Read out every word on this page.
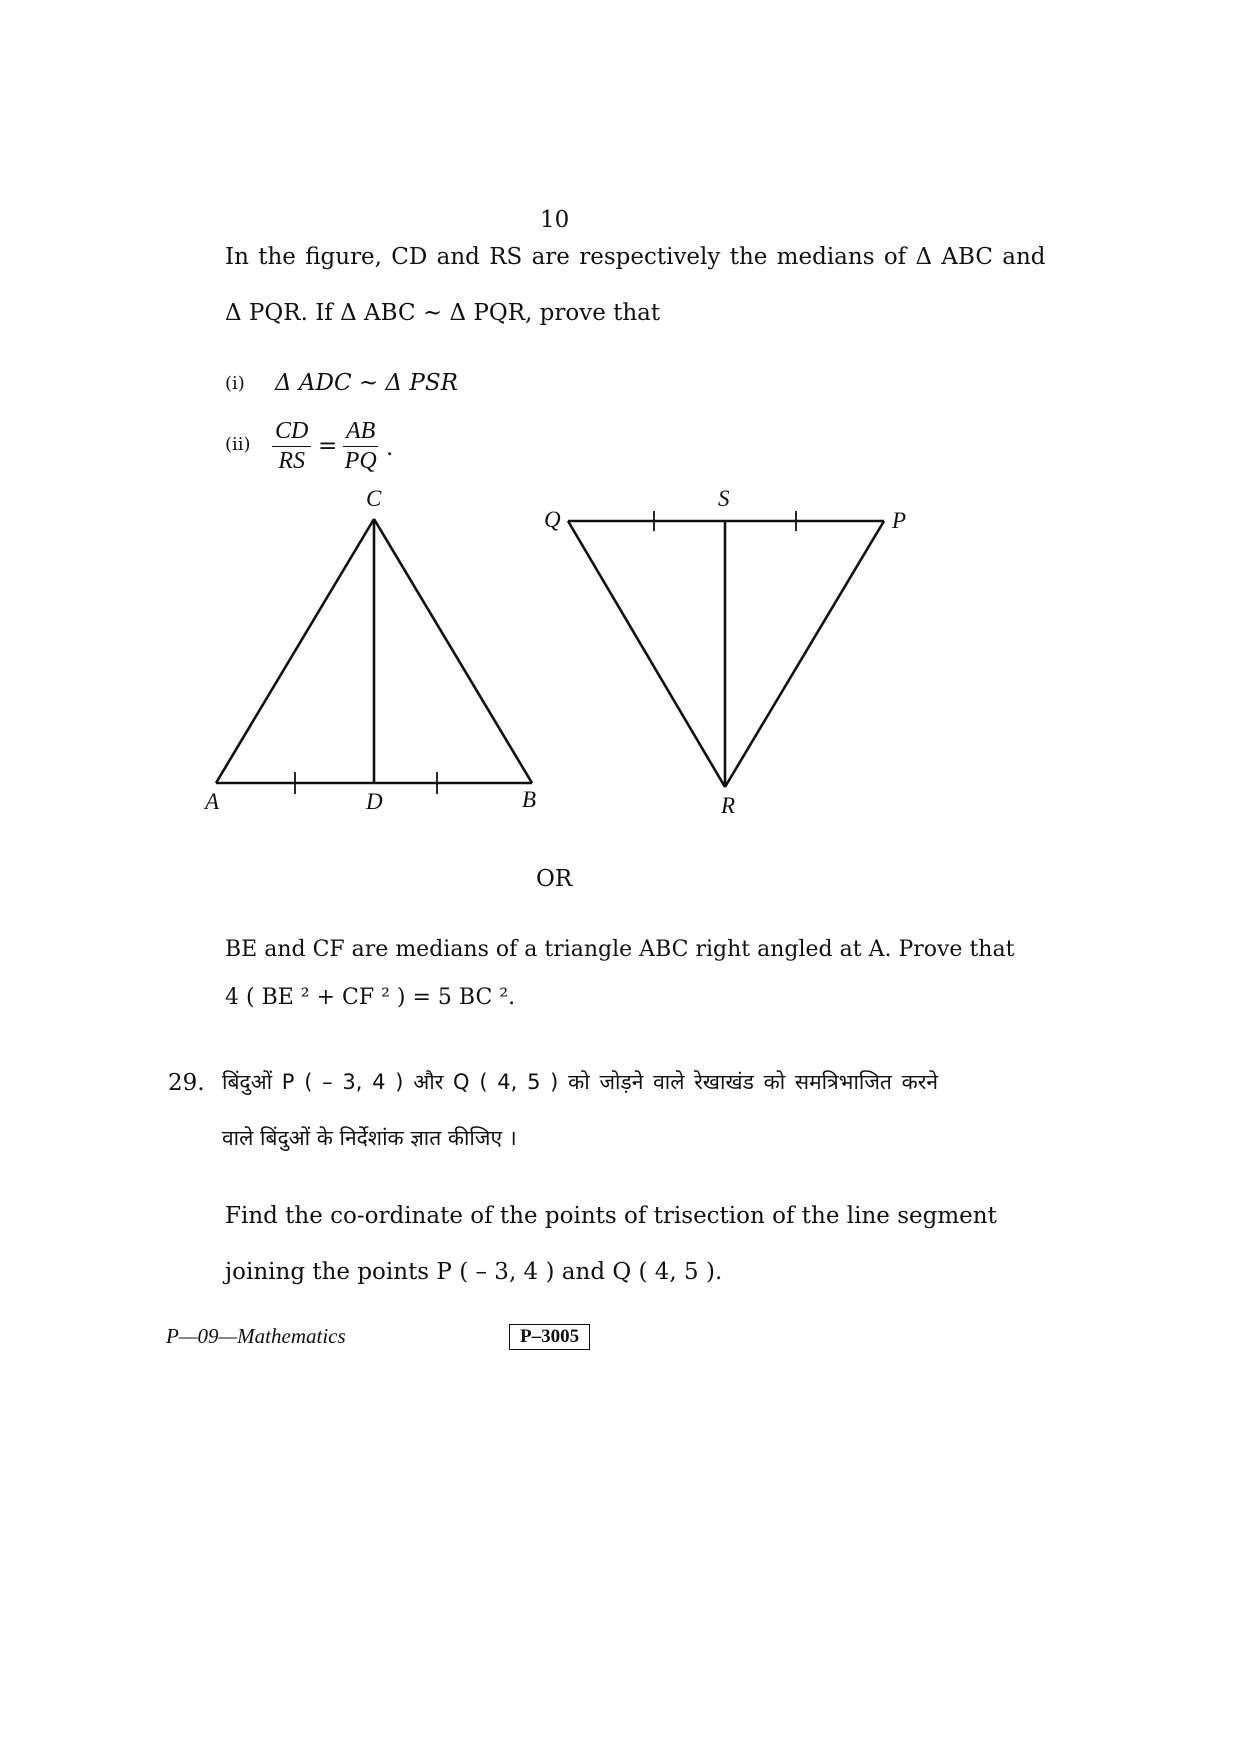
10
In the figure, CD and RS are respectively the medians of Δ ABC and
Δ PQR. If Δ ABC ~ Δ PQR, prove that
(i) Δ ADC ~ Δ PSR
$(ii) \frac{CD}{RS} = \frac{AB}{PQ}$ .
C
A	D	B
Q
S
P
R
OR
BE and CF are medians of a triangle ABC right angled at A. Prove that
4 ( BE ² + CF ² ) = 5 BC ².
29. बिंदुओं P ( – 3, 4 ) और Q ( 4, 5 ) को जोड़ने वाले रेखाखंड को समत्रिभाजित करने
वाले बिंदुओं के निर्देशांक ज्ञात कीजिए ।
Find the co-ordinate of the points of trisection of the line segment
joining the points P ( – 3, 4 ) and Q ( 4, 5 ).
P—09—Mathematics	P–3005
